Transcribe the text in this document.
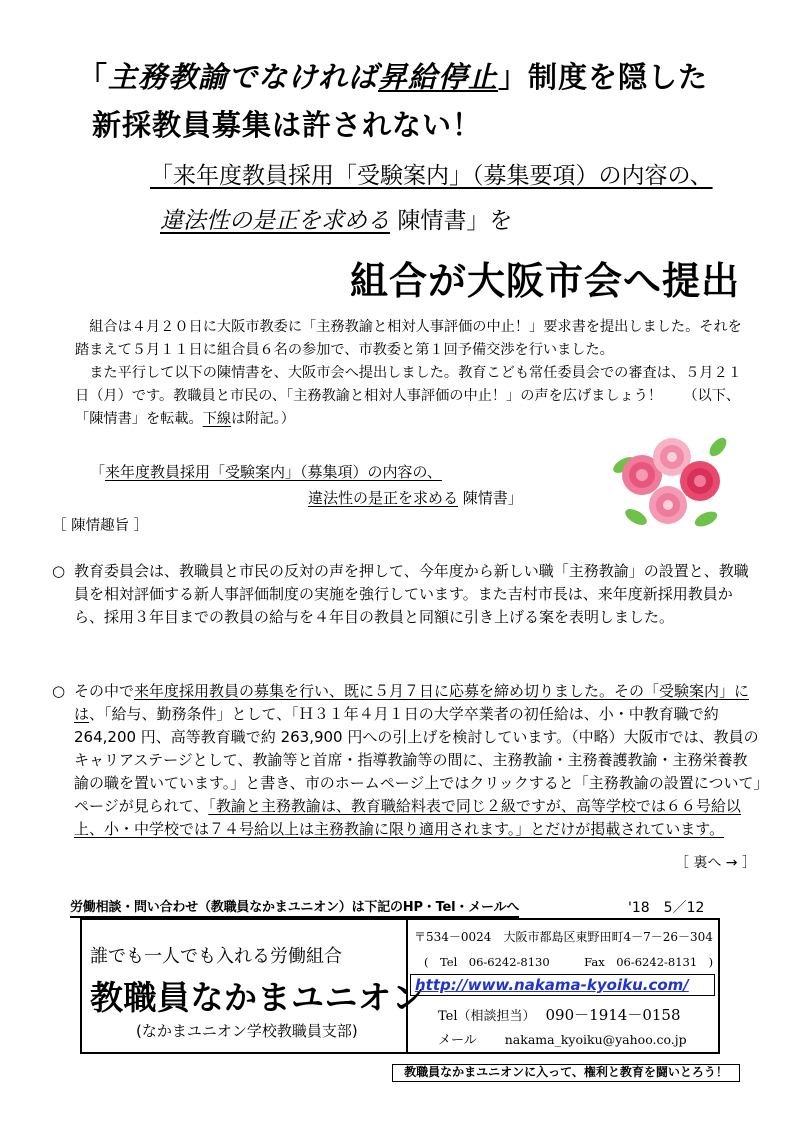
「主務教諭でなければ昇給停止」制度を隠した
新採教員募集は許されない！
「来年度教員採用「受験案内」（募集要項）の内容の、
違法性の是正を求める 陳情書」を
組合が大阪市会へ提出

組合は４月２０日に大阪市教委に「主務教諭と相対人事評価の中止！」要求書を提出しました。それを踏まえて５月１１日に組合員６名の参加で、市教委と第１回予備交渉を行いました。

また平行して以下の陳情書を、大阪市会へ提出しました。教育こども常任委員会での審査は、５月２１日（月）です。教職員と市民の、「主務教諭と相対人事評価の中止！」の声を広げましょう！　　（以下、「陳情書」を転載。下線は附記。）

「来年度教員採用「受験案内」（募集項）の内容の、
違法性の是正を求める 陳情書」
［ 陳情趣旨 ］
○ 教育委員会は、教職員と市民の反対の声を押して、今年度から新しい職「主務教諭」の設置と、教職員を相対評価する新人事評価制度の実施を強行しています。また吉村市長は、来年度新採用教員から、採用３年目までの教員の給与を４年目の教員と同額に引き上げる案を表明しました。
○ その中で来年度採用教員の募集を行い、既に５月７日に応募を締め切りました。その「受験案内」には、「給与、勤務条件」として、「Ｈ３１年４月１日の大学卒業者の初任給は、小・中教育職で約 264,200 円、高等教育職で約 263,900 円への引上げを検討しています。（中略）大阪市では、教員のキャリアステージとして、教諭等と首席・指導教諭等の間に、主務教諭・主務養護教諭・主務栄養教諭の職を置いています。」と書き、市のホームページ上ではクリックすると「主務教諭の設置について」ページが見られて、「教諭と主務教諭は、教育職給料表で同じ２級ですが、高等学校では６６号給以上、小・中学校では７４号給以上は主務教諭に限り適用されます。」とだけが掲載されています。
［ 裏へ → ］
労働相談・問い合わせ（教職員なかまユニオン）は下記のHP・Tel・メールへ	'18　5／12
誰でも一人でも入れる労働組合
教職員なかまユニオン
(なかまユニオン学校教職員支部)
〒534－0024　大阪市都島区東野田町4－7－26－304
(　Tel　06-6242-8130　　　Fax　06-6242-8131　)
http://www.nakama-kyoiku.com/
Tel（相談担当） 090－1914－0158
メール nakama_kyoiku@yahoo.co.jp
教職員なかまユニオンに入って、権利と教育を闘いとろう！
